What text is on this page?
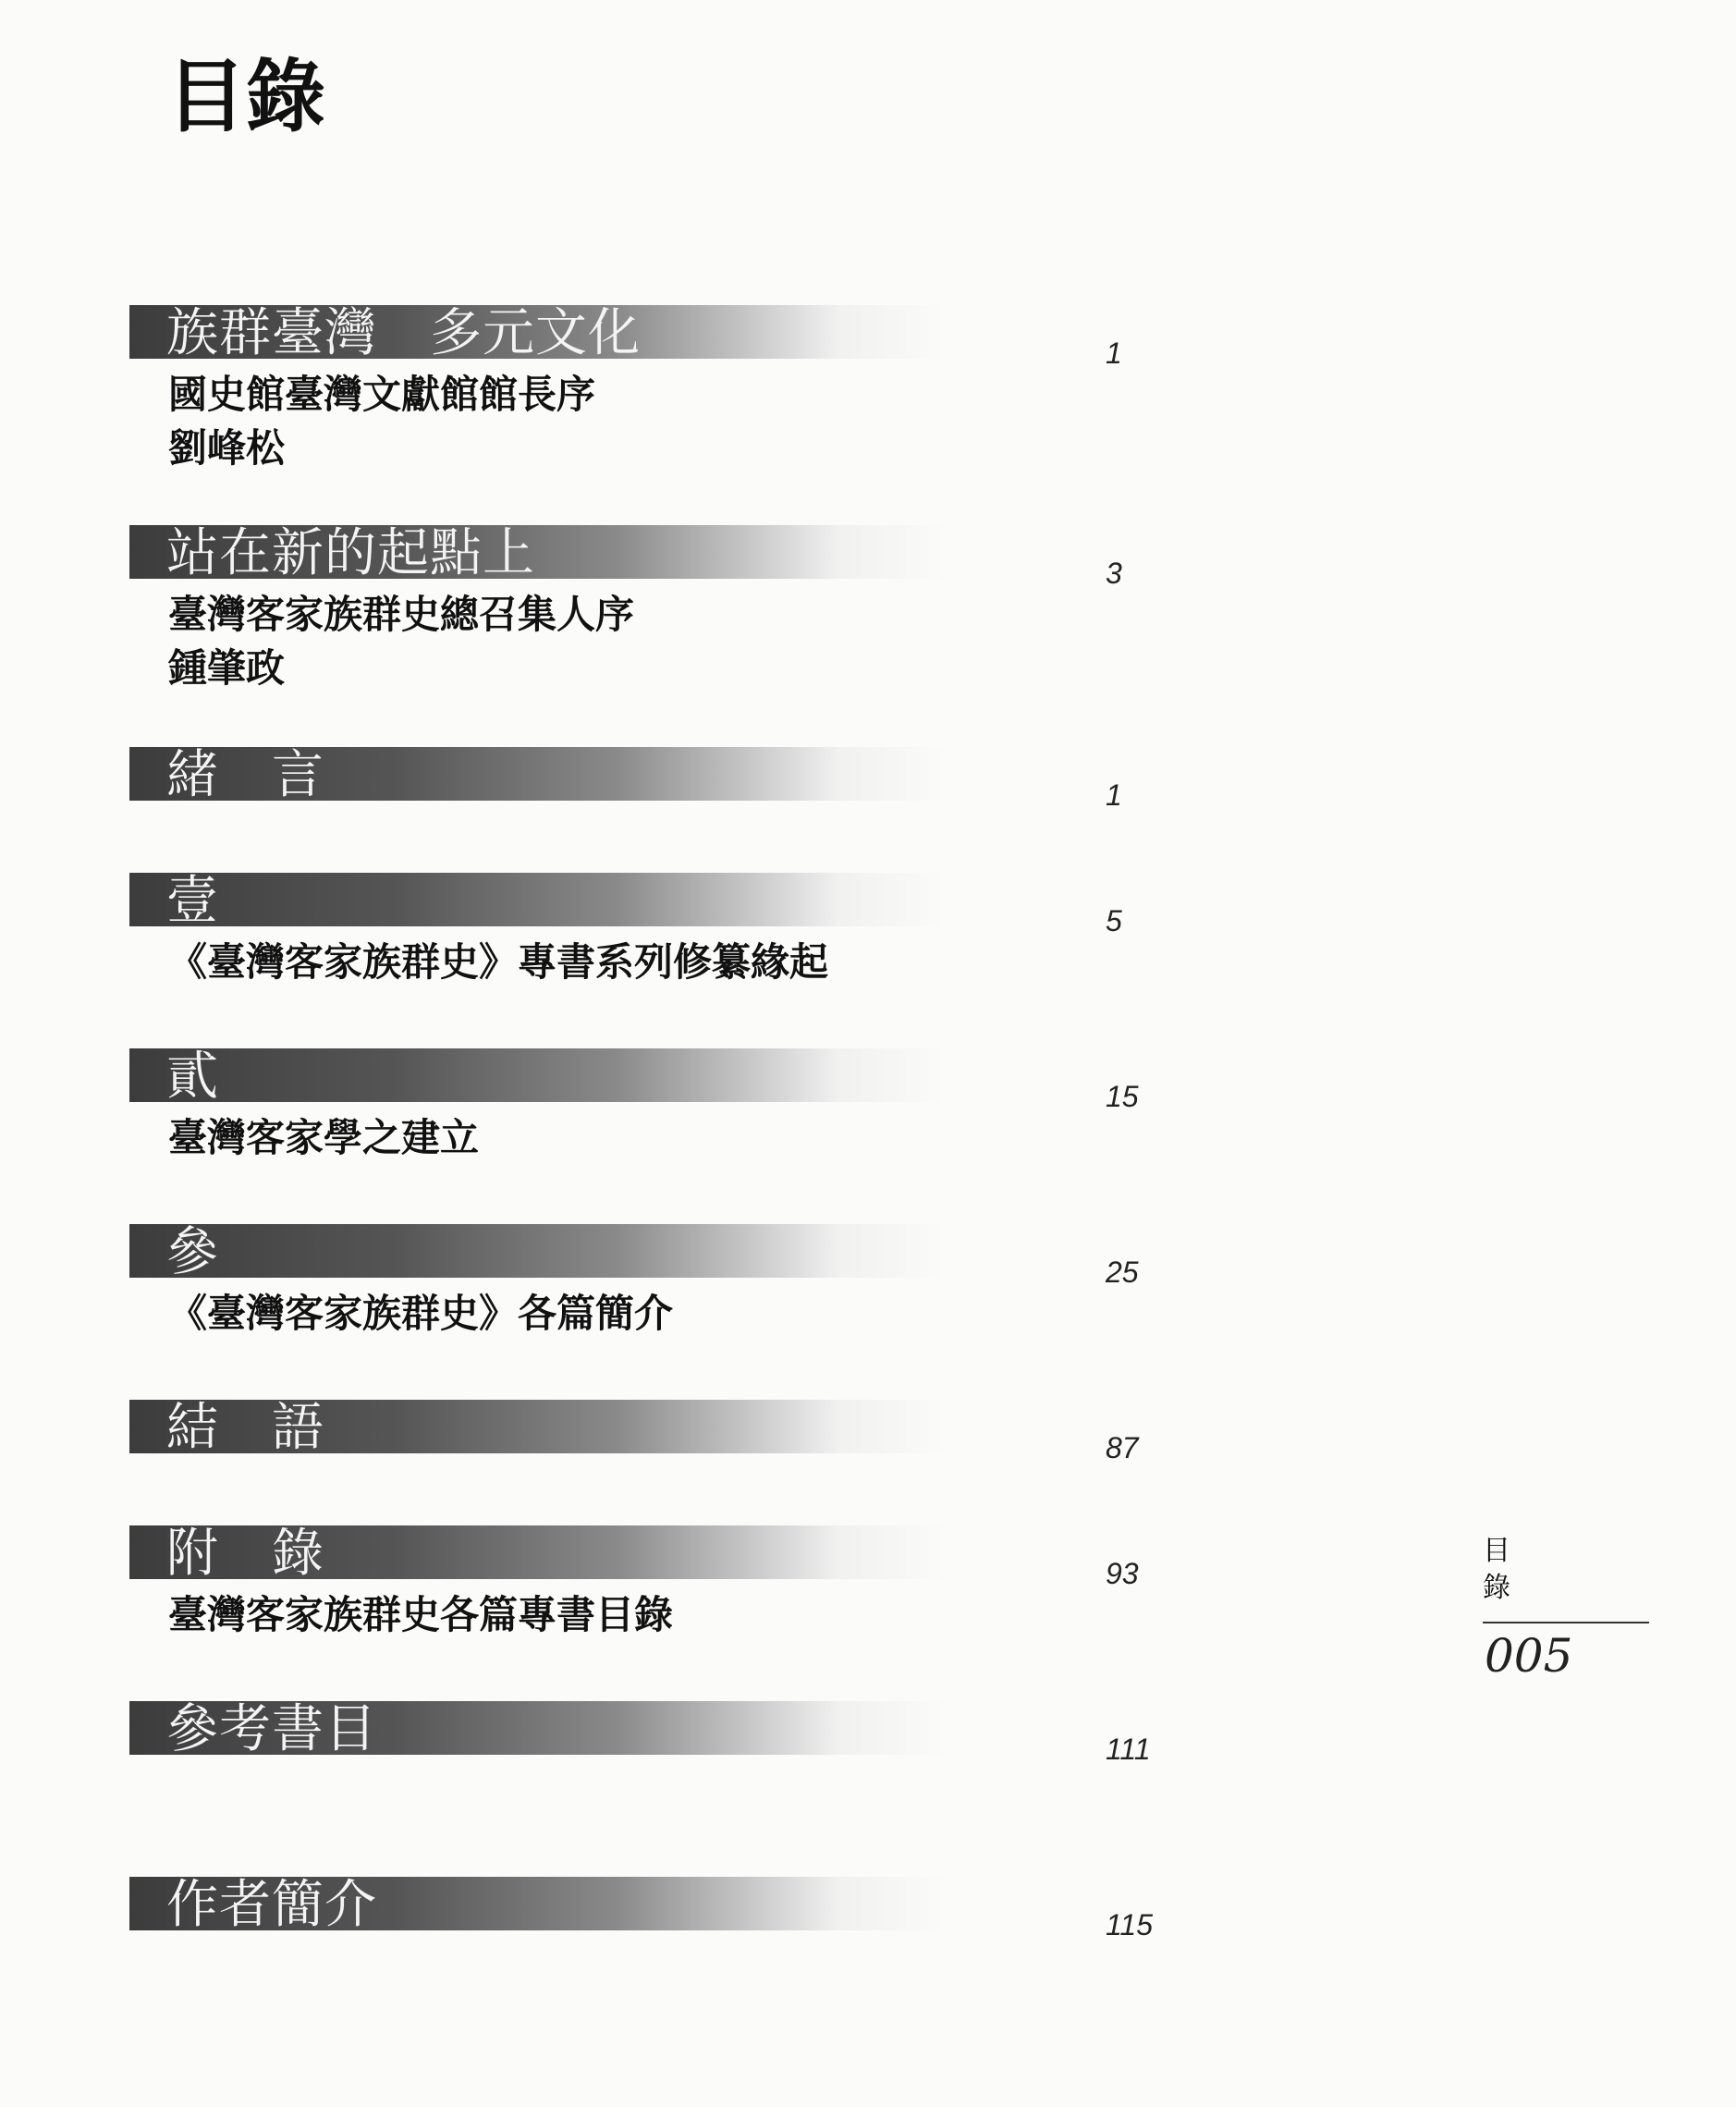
目錄
族群臺灣　多元文化	1
國史館臺灣文獻館館長序
劉峰松
站在新的起點上	3
臺灣客家族群史總召集人序
鍾肇政
緒　言	1
壹	5
《臺灣客家族群史》專書系列修纂緣起
貳	15
臺灣客家學之建立
參	25
《臺灣客家族群史》各篇簡介
結　語	87
附　錄	93
臺灣客家族群史各篇專書目錄
參考書目	111
作者簡介	115
目錄
005
